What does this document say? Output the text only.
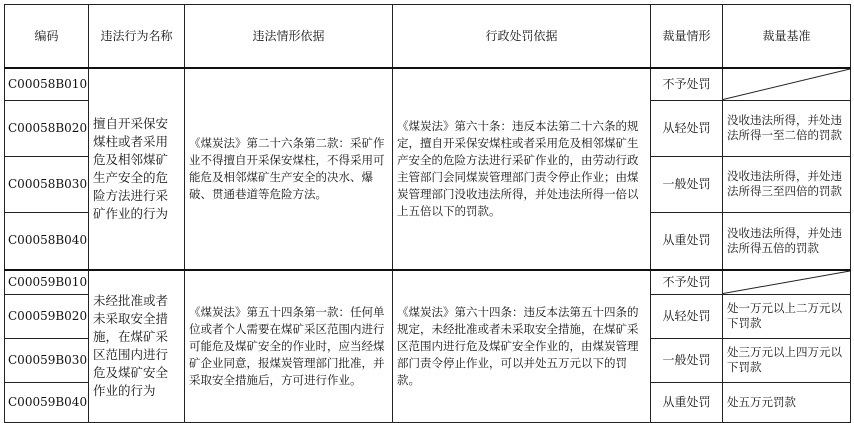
编码	违法行为名称	违法情形依据	行政处罚依据	裁量情形	裁量基准
C00058B010	擅自开采保安煤柱或者采用危及相邻煤矿生产安全的危险方法进行采矿作业的行为	《煤炭法》第二十六条第二款：采矿作业不得擅自开采保安煤柱，不得采用可能危及相邻煤矿生产安全的决水、爆破、贯通巷道等危险方法。	《煤炭法》第六十条：违反本法第二十六条的规定，擅自开采保安煤柱或者采用危及相邻煤矿生产安全的危险方法进行采矿作业的，由劳动行政主管部门会同煤炭管理部门责令停止作业；由煤炭管理部门没收违法所得，并处违法所得一倍以上五倍以下的罚款。	不予处罚	

C00058B020				从轻处罚	没收违法所得，并处违法所得一至二倍的罚款
C00058B030				一般处罚	没收违法所得，并处违法所得三至四倍的罚款
C00058B040				从重处罚	没收违法所得，并处违法所得五倍的罚款
C00059B010	未经批准或者未采取安全措施，在煤矿采区范围内进行危及煤矿安全作业的行为	《煤炭法》第五十四条第一款：任何单位或者个人需要在煤矿采区范围内进行可能危及煤矿安全的作业时，应当经煤矿企业同意，报煤炭管理部门批准，并采取安全措施后，方可进行作业。	《煤炭法》第六十四条：违反本法第五十四条的规定，未经批准或者未采取安全措施，在煤矿采区范围内进行危及煤矿安全作业的，由煤炭管理部门责令停止作业，可以并处五万元以下的罚款。	不予处罚	

C00059B020				从轻处罚	处一万元以上二万元以下罚款
C00059B030				一般处罚	处三万元以上四万元以下罚款
C00059B040				从重处罚	处五万元罚款
